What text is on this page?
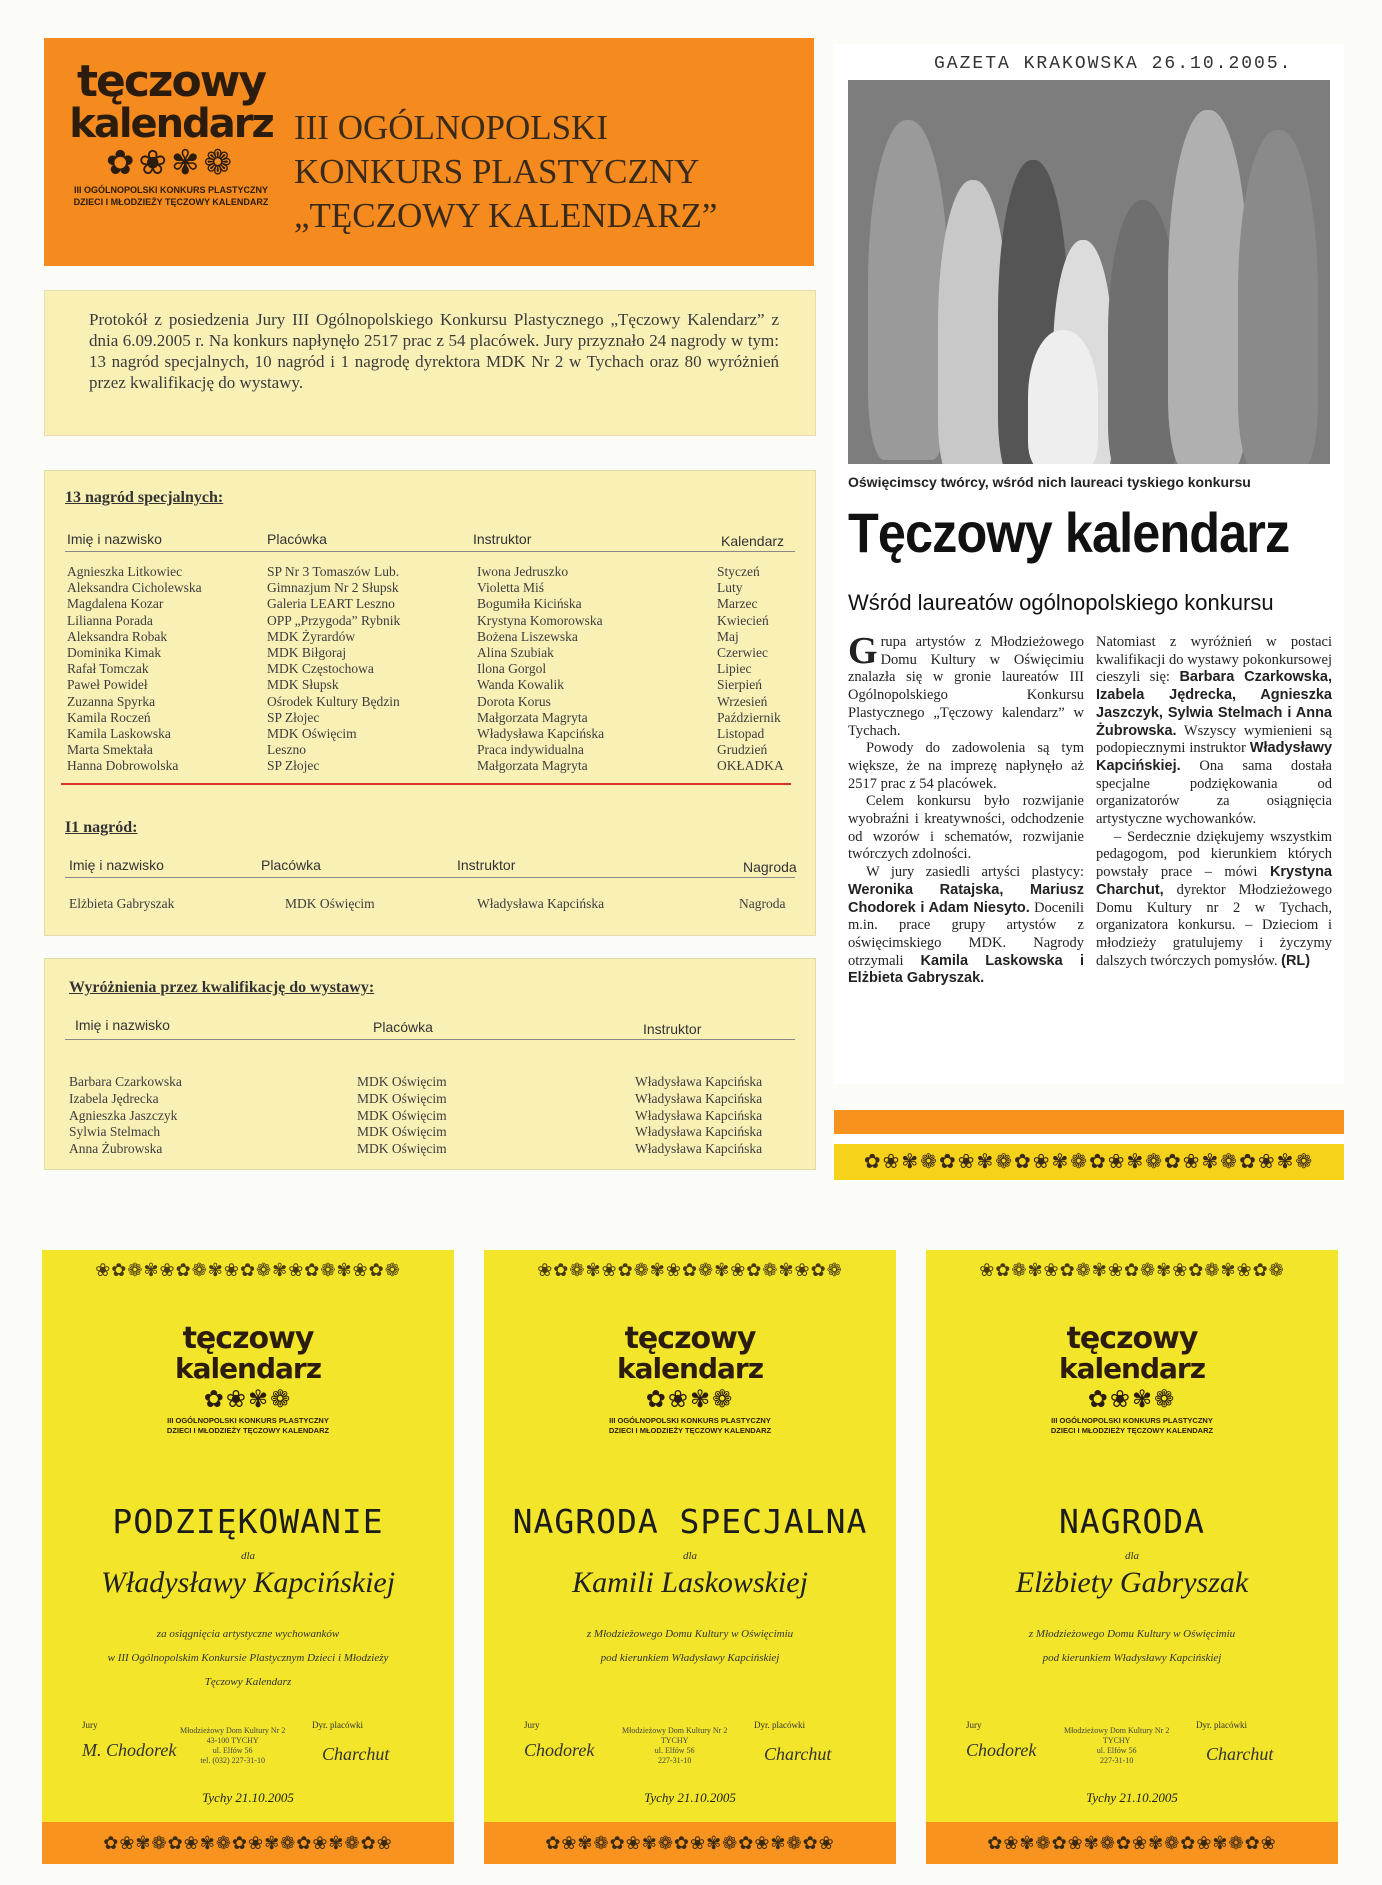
tęczowy
kalendarz
✿❀✾❁
III OGÓLNOPOLSKI KONKURS PLASTYCZNY
DZIECI I MŁODZIEŻY TĘCZOWY KALENDARZ
III OGÓLNOPOLSKI
KONKURS PLASTYCZNY
„TĘCZOWY KALENDARZ”

Protokół z posiedzenia Jury III Ogólnopolskiego Konkursu Plastycznego „Tęczowy Kalendarz” z dnia 6.09.2005 r. Na konkurs napłynęło 2517 prac z 54 placówek. Jury przyznało 24 nagrody w tym: 13 nagród specjalnych, 10 nagród i 1 nagrodę dyrektora MDK Nr 2 w Tychach oraz 80 wyróżnień przez kwalifikację do wystawy.

13 nagród specjalnych:
Imię i nazwisko	Placówka	Instruktor	Kalendarz
Agnieszka Litkowiec	SP Nr 3 Tomaszów Lub.	Iwona Jedruszko	Styczeń
Aleksandra Cicholewska	Gimnazjum Nr 2 Słupsk	Violetta Miś	Luty
Magdalena Kozar	Galeria LEART Leszno	Bogumiła Kicińska	Marzec
Lilianna Porada	OPP „Przygoda” Rybnik	Krystyna Komorowska	Kwiecień
Aleksandra Robak	MDK Żyrardów	Bożena Liszewska	Maj
Dominika Kimak	MDK Biłgoraj	Alina Szubiak	Czerwiec
Rafał Tomczak	MDK Częstochowa	Ilona Gorgol	Lipiec
Paweł Powideł	MDK Słupsk	Wanda Kowalik	Sierpień
Zuzanna Spyrka	Ośrodek Kultury Będzin	Dorota Korus	Wrzesień
Kamila Roczeń	SP Złojec	Małgorzata Magryta	Październik
Kamila Laskowska	MDK Oświęcim	Władysława Kapcińska	Listopad
Marta Smektała	Leszno	Praca indywidualna	Grudzień
Hanna Dobrowolska	SP Złojec	Małgorzata Magryta	OKŁADKA
I1 nagród:
Imię i nazwisko	Placówka	Instruktor	Nagroda
Elżbieta Gabryszak	MDK Oświęcim	Władysława Kapcińska	Nagroda
Wyróżnienia przez kwalifikację do wystawy:
Imię i nazwisko	Placówka	Instruktor
Barbara Czarkowska	MDK Oświęcim	Władysława Kapcińska
Izabela Jędrecka	MDK Oświęcim	Władysława Kapcińska
Agnieszka Jaszczyk	MDK Oświęcim	Władysława Kapcińska
Sylwia Stelmach	MDK Oświęcim	Władysława Kapcińska
Anna Żubrowska	MDK Oświęcim	Władysława Kapcińska
GAZETA KRAKOWSKA 26.10.2005.
Oświęcimscy twórcy, wśród nich laureaci tyskiego konkursu
Tęczowy kalendarz
Wśród laureatów ogólnopolskiego konkursu

Grupa artystów z Młodzieżowego Domu Kultury w Oświęcimiu znalazła się w gronie laureatów III Ogólnopolskiego Konkursu Plastycznego „Tęczowy kalendarz” w Tychach.

Powody do zadowolenia są tym większe, że na imprezę napłynęło aż 2517 prac z 54 placówek.

Celem konkursu było rozwijanie wyobraźni i kreatywności, odchodzenie od wzorów i schematów, rozwijanie twórczych zdolności.

W jury zasiedli artyści plastycy: Weronika Ratajska, Mariusz Chodorek i Adam Niesyto. Docenili m.in. prace grupy artystów z oświęcimskiego MDK. Nagrody otrzymali Kamila Laskowska i Elżbieta Gabryszak.

Natomiast z wyróżnień w postaci kwalifikacji do wystawy pokonkursowej cieszyli się: Barbara Czarkowska, Izabela Jędrecka, Agnieszka Jaszczyk, Sylwia Stelmach i Anna Żubrowska. Wszyscy wymienieni są podopiecznymi instruktor Władysławy Kapcińskiej. Ona sama dostała specjalne podziękowania od organizatorów za osiągnięcia artystyczne wychowanków.

– Serdecznie dziękujemy wszystkim pedagogom, pod kierunkiem których powstały prace – mówi Krystyna Charchut, dyrektor Młodzieżowego Domu Kultury nr 2 w Tychach, organizatora konkursu. – Dzieciom i młodzieży gratulujemy i życzymy dalszych twórczych pomysłów. (RL)

✿❀✾❁✿❀✾❁✿❀✾❁✿❀✾❁✿❀✾❁✿❀✾❁
❀✿❁✾❀✿❁✾❀✿❁✾❀✿❁✾❀✿❁
tęczowy
kalendarz
✿❀✾❁
III OGÓLNOPOLSKI KONKURS PLASTYCZNY
DZIECI I MŁODZIEŻY TĘCZOWY KALENDARZ
PODZIĘKOWANIE
dla
Władysławy Kapcińskiej
za osiągnięcia artystyczne wychowanków
w III Ogólnopolskim Konkursie Plastycznym Dzieci i Młodzieży
Tęczowy Kalendarz
Jury	Dyr. placówki
Młodzieżowy Dom Kultury Nr 2
43-100 TYCHY
ul. Elfów 56
tel. (032) 227-31-10
M. Chodorek	Charchut
Tychy 21.10.2005
✿❀✾❁✿❀✾❁✿❀✾❁✿❀✾❁✿❀
❀✿❁✾❀✿❁✾❀✿❁✾❀✿❁✾❀✿❁
tęczowy
kalendarz
✿❀✾❁
III OGÓLNOPOLSKI KONKURS PLASTYCZNY
DZIECI I MŁODZIEŻY TĘCZOWY KALENDARZ
NAGRODA SPECJALNA
dla
Kamili Laskowskiej
z Młodzieżowego Domu Kultury w Oświęcimiu
pod kierunkiem Władysławy Kapcińskiej
Jury	Dyr. placówki
Młodzieżowy Dom Kultury Nr 2
TYCHY
ul. Elfów 56
227-31-10
Chodorek	Charchut
Tychy 21.10.2005
✿❀✾❁✿❀✾❁✿❀✾❁✿❀✾❁✿❀
❀✿❁✾❀✿❁✾❀✿❁✾❀✿❁✾❀✿❁
tęczowy
kalendarz
✿❀✾❁
III OGÓLNOPOLSKI KONKURS PLASTYCZNY
DZIECI I MŁODZIEŻY TĘCZOWY KALENDARZ
NAGRODA
dla
Elżbiety Gabryszak
z Młodzieżowego Domu Kultury w Oświęcimiu
pod kierunkiem Władysławy Kapcińskiej
Jury	Dyr. placówki
Młodzieżowy Dom Kultury Nr 2
TYCHY
ul. Elfów 56
227-31-10
Chodorek	Charchut
Tychy 21.10.2005
✿❀✾❁✿❀✾❁✿❀✾❁✿❀✾❁✿❀
